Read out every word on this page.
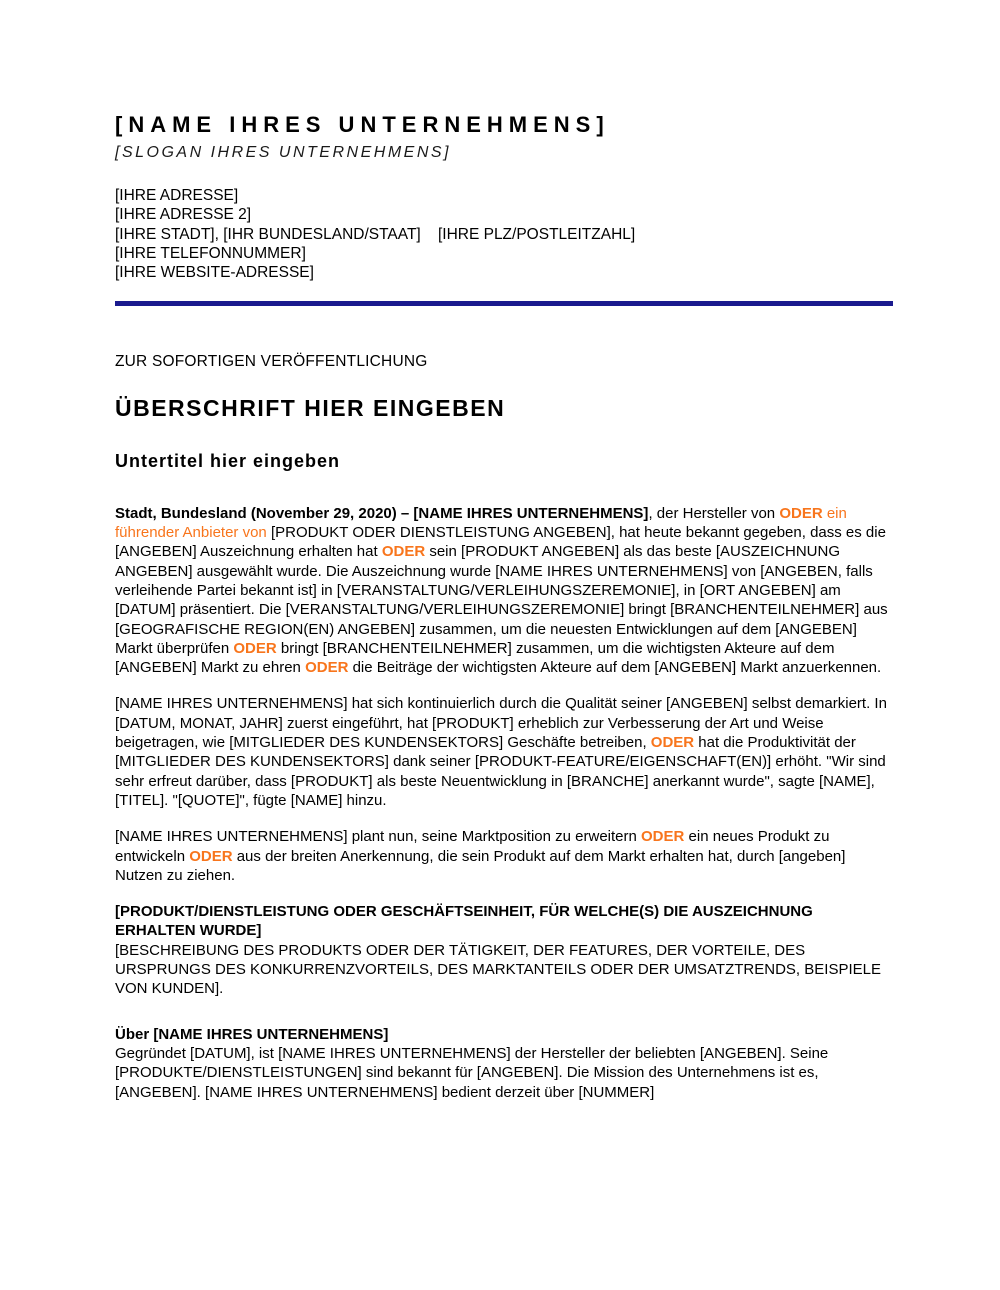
[NAME IHRES UNTERNEHMENS]
[SLOGAN IHRES UNTERNEHMENS]
[IHRE ADRESSE]
[IHRE ADRESSE 2]
[IHRE STADT], [IHR BUNDESLAND/STAAT]    [IHRE PLZ/POSTLEITZAHL]
[IHRE TELEFONNUMMER]
[IHRE WEBSITE-ADRESSE]
ZUR SOFORTIGEN VERÖFFENTLICHUNG
ÜBERSCHRIFT HIER EINGEBEN
Untertitel hier eingeben

Stadt, Bundesland (November 29, 2020) – [NAME IHRES UNTERNEHMENS], der Hersteller von ODER ein führender Anbieter von [PRODUKT ODER DIENSTLEISTUNG ANGEBEN], hat heute bekannt gegeben, dass es die [ANGEBEN] Auszeichnung erhalten hat ODER sein [PRODUKT ANGEBEN] als das beste [AUSZEICHNUNG ANGEBEN] ausgewählt wurde. Die Auszeichnung wurde [NAME IHRES UNTERNEHMENS] von [ANGEBEN, falls verleihende Partei bekannt ist] in [VERANSTALTUNG/VERLEIHUNGSZEREMONIE], in [ORT ANGEBEN] am [DATUM] präsentiert. Die [VERANSTALTUNG/VERLEIHUNGSZEREMONIE] bringt [BRANCHENTEILNEHMER] aus [GEOGRAFISCHE REGION(EN) ANGEBEN] zusammen, um die neuesten Entwicklungen auf dem [ANGEBEN] Markt überprüfen ODER bringt [BRANCHENTEILNEHMER] zusammen, um die wichtigsten Akteure auf dem [ANGEBEN] Markt zu ehren ODER die Beiträge der wichtigsten Akteure auf dem [ANGEBEN] Markt anzuerkennen.

[NAME IHRES UNTERNEHMENS] hat sich kontinuierlich durch die Qualität seiner [ANGEBEN] selbst demarkiert. In [DATUM, MONAT, JAHR] zuerst eingeführt, hat [PRODUKT] erheblich zur Verbesserung der Art und Weise beigetragen, wie [MITGLIEDER DES KUNDENSEKTORS] Geschäfte betreiben, ODER hat die Produktivität der [MITGLIEDER DES KUNDENSEKTORS] dank seiner [PRODUKT-FEATURE/EIGENSCHAFT(EN)] erhöht. "Wir sind sehr erfreut darüber, dass [PRODUKT] als beste Neuentwicklung in [BRANCHE] anerkannt wurde", sagte [NAME], [TITEL]. "[QUOTE]", fügte [NAME] hinzu.

[NAME IHRES UNTERNEHMENS] plant nun, seine Marktposition zu erweitern ODER ein neues Produkt zu entwickeln ODER aus der breiten Anerkennung, die sein Produkt auf dem Markt erhalten hat, durch [angeben] Nutzen zu ziehen.

[PRODUKT/DIENSTLEISTUNG ODER GESCHÄFTSEINHEIT, FÜR WELCHE(S) DIE AUSZEICHNUNG ERHALTEN WURDE]
[BESCHREIBUNG DES PRODUKTS ODER DER TÄTIGKEIT, DER FEATURES, DER VORTEILE, DES URSPRUNGS DES KONKURRENZVORTEILS, DES MARKTANTEILS ODER DER UMSATZTRENDS, BEISPIELE VON KUNDEN].
Über [NAME IHRES UNTERNEHMENS]
Gegründet [DATUM], ist [NAME IHRES UNTERNEHMENS] der Hersteller der beliebten [ANGEBEN]. Seine [PRODUKTE/DIENSTLEISTUNGEN] sind bekannt für [ANGEBEN]. Die Mission des Unternehmens ist es, [ANGEBEN]. [NAME IHRES UNTERNEHMENS] bedient derzeit über [NUMMER]
